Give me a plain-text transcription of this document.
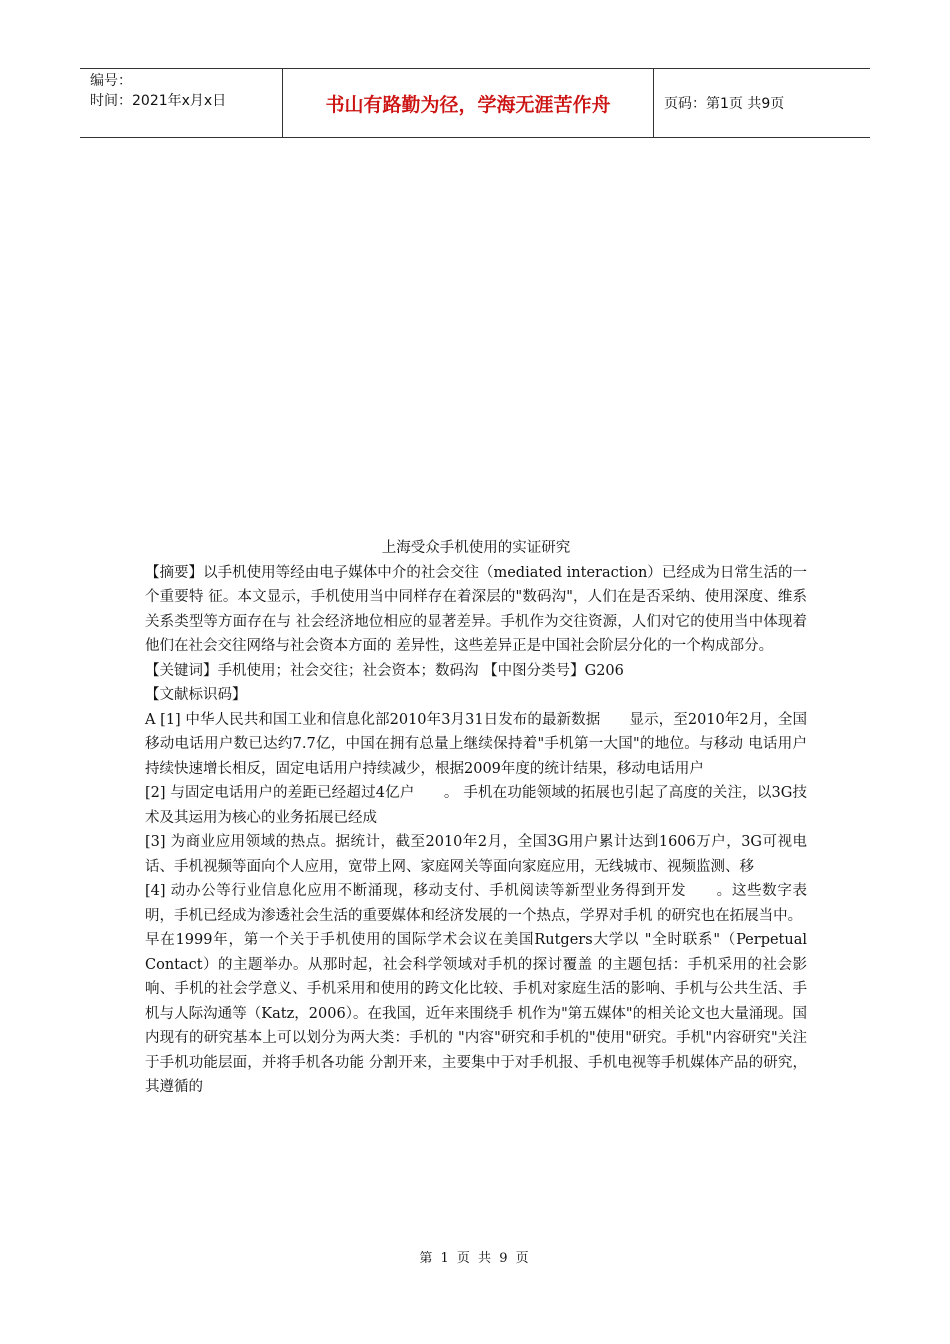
编号：
时间：2021年x月x日	书山有路勤为径，学海无涯苦作舟	页码：第1页 共9页

上海受众手机使用的实证研究

【摘要】以手机使用等经由电子媒体中介的社会交往（mediated interaction）已经成为日常生活的一个重要特 征。本文显示，手机使用当中同样存在着深层的"数码沟"，人们在是否采纳、使用深度、维系关系类型等方面存在与 社会经济地位相应的显著差异。手机作为交往资源，人们对它的使用当中体现着他们在社会交往网络与社会资本方面的 差异性，这些差异正是中国社会阶层分化的一个构成部分。

【关键词】手机使用；社会交往；社会资本；数码沟 【中图分类号】G206

【文献标识码】

A [1] 中华人民共和国工业和信息化部2010年3月31日发布的最新数据　　显示，至2010年2月，全国 移动电话用户数已达约7.7亿，中国在拥有总量上继续保持着"手机第一大国"的地位。与移动 电话用户持续快速增长相反，固定电话用户持续减少，根据2009年度的统计结果，移动电话用户

[2] 与固定电话用户的差距已经超过4亿户　　。 手机在功能领域的拓展也引起了高度的关注，以3G技术及其运用为核心的业务拓展已经成

[3] 为商业应用领域的热点。据统计，截至2010年2月，全国3G用户累计达到1606万户，3G可视电 话、手机视频等面向个人应用，宽带上网、家庭网关等面向家庭应用，无线城市、视频监测、移

[4] 动办公等行业信息化应用不断涌现，移动支付、手机阅读等新型业务得到开发　　。这些数字表明，手机已经成为渗透社会生活的重要媒体和经济发展的一个热点，学界对手机 的研究也在拓展当中。

早在1999年，第一个关于手机使用的国际学术会议在美国Rutgers大学以 "全时联系"（Perpetual Contact）的主题举办。从那时起，社会科学领域对手机的探讨覆盖 的主题包括：手机采用的社会影响、手机的社会学意义、手机采用和使用的跨文化比较、手机对家庭生活的影响、手机与公共生活、手机与人际沟通等（Katz，2006）。在我国，近年来围绕手 机作为"第五媒体"的相关论文也大量涌现。国内现有的研究基本上可以划分为两大类：手机的 "内容"研究和手机的"使用"研究。手机"内容研究"关注于手机功能层面，并将手机各功能 分割开来，主要集中于对手机报、手机电视等手机媒体产品的研究，其遵循的

第 1 页 共 9 页
